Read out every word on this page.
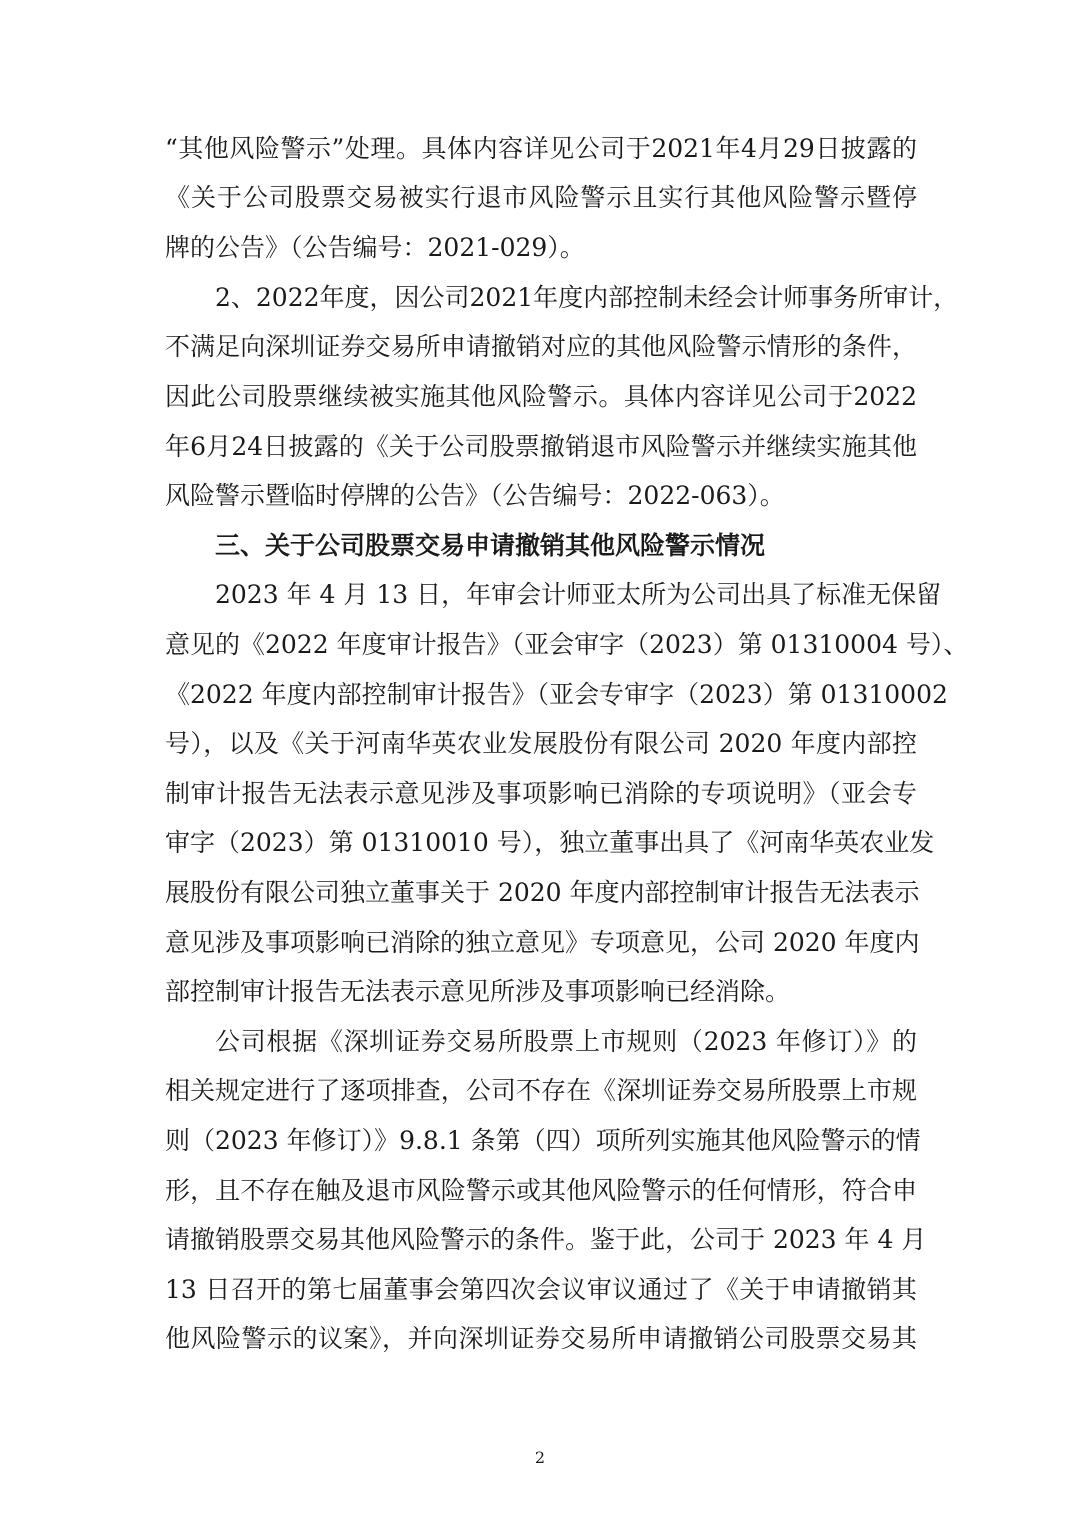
“其他风险警示”处理。具体内容详见公司于2021年4月29日披露的
《关于公司股票交易被实行退市风险警示且实行其他风险警示暨停
牌的公告》（公告编号：2021-029）。
2、2022年度，因公司2021年度内部控制未经会计师事务所审计，
不满足向深圳证券交易所申请撤销对应的其他风险警示情形的条件，
因此公司股票继续被实施其他风险警示。具体内容详见公司于2022
年6月24日披露的《关于公司股票撤销退市风险警示并继续实施其他
风险警示暨临时停牌的公告》（公告编号：2022-063）。
三、关于公司股票交易申请撤销其他风险警示情况
2023 年 4 月 13 日，年审会计师亚太所为公司出具了标准无保留
意见的《2022 年度审计报告》（亚会审字（2023）第 01310004 号）、
《2022 年度内部控制审计报告》（亚会专审字（2023）第 01310002
号），以及《关于河南华英农业发展股份有限公司 2020 年度内部控
制审计报告无法表示意见涉及事项影响已消除的专项说明》（亚会专
审字（2023）第 01310010 号），独立董事出具了《河南华英农业发
展股份有限公司独立董事关于 2020 年度内部控制审计报告无法表示
意见涉及事项影响已消除的独立意见》专项意见，公司 2020 年度内
部控制审计报告无法表示意见所涉及事项影响已经消除。
公司根据《深圳证券交易所股票上市规则（2023 年修订）》的
相关规定进行了逐项排查，公司不存在《深圳证券交易所股票上市规
则（2023 年修订）》9.8.1 条第（四）项所列实施其他风险警示的情
形，且不存在触及退市风险警示或其他风险警示的任何情形，符合申
请撤销股票交易其他风险警示的条件。鉴于此，公司于 2023 年 4 月
13 日召开的第七届董事会第四次会议审议通过了《关于申请撤销其
他风险警示的议案》，并向深圳证券交易所申请撤销公司股票交易其
2
